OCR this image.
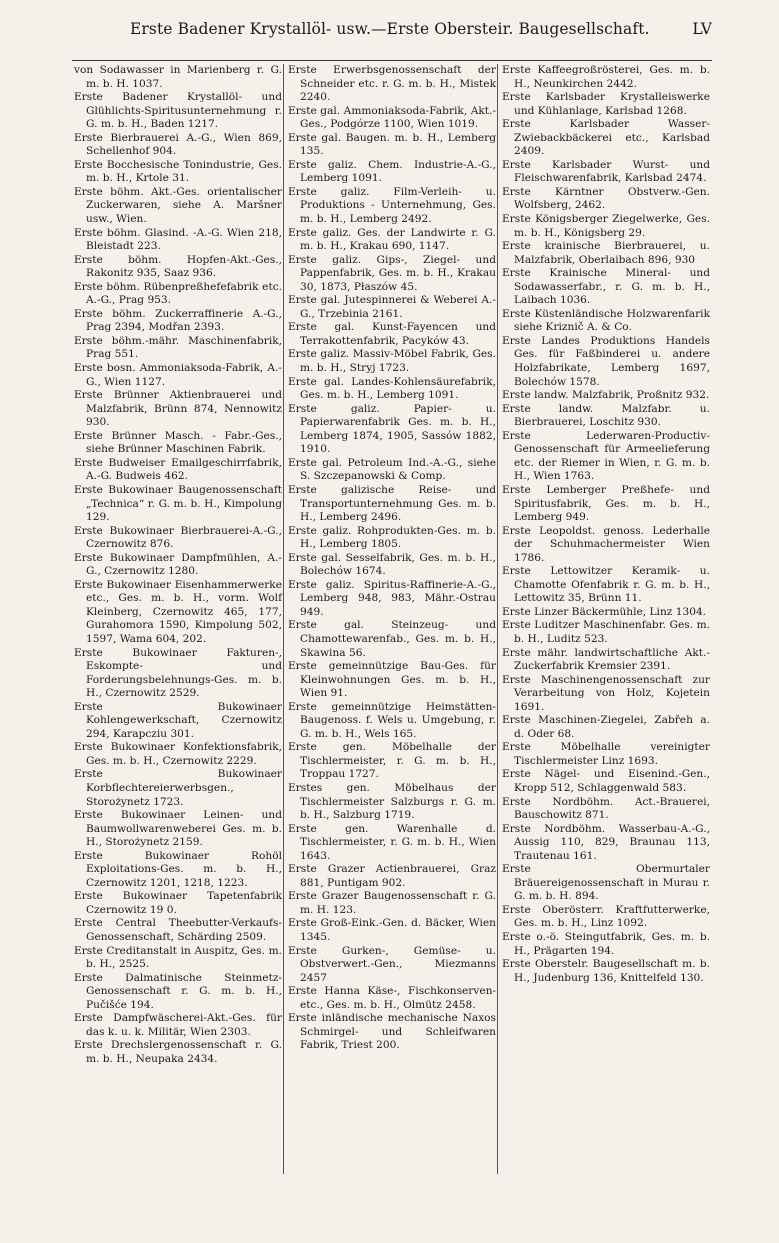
Erste Badener Krystallöl- usw.—Erste Obersteir. Baugesellschaft.	LV

von Sodawasser in Marienberg r. G. m. b. H. 1037.

Erste Badener Krystallöl- und Glühlichts-Spiritusunternehmung r. G. m. b. H., Baden 1217.

Erste Bierbrauerei A.-G., Wien 869, Schellenhof 904.

Erste Bocchesische Tonindustrie, Ges. m. b. H., Krtole 31.

Erste böhm. Akt.-Ges. orientalischer Zuckerwaren, siehe A. Maršner usw., Wien.

Erste böhm. Glasind. -A.-G. Wien 218, Bleistadt 223.

Erste böhm. Hopfen-Akt.-Ges., Rakonitz 935, Saaz 936.

Erste böhm. Rübenpreßhefefabrik etc. A.-G., Prag 953.

Erste böhm. Zuckerraffinerie A.-G., Prag 2394, Modřan 2393.

Erste böhm.-mähr. Maschinenfabrik, Prag 551.

Erste bosn. Ammoniaksoda-Fabrik, A.-G., Wien 1127.

Erste Brünner Aktienbrauerei und Malzfabrik, Brünn 874, Nennowitz 930.

Erste Brünner Masch. - Fabr.-Ges., siehe Brünner Maschinen Fabrik.

Erste Budweiser Emailgeschirrfabrik, A.-G. Budweis 462.

Erste Bukowinaer Baugenossenschaft „Technica“ r. G. m. b. H., Kimpolung 129.

Erste Bukowinaer Bierbrauerei-A.-G., Czernowitz 876.

Erste Bukowinaer Dampfmühlen, A.-G., Czernowitz 1280.

Erste Bukowinaer Eisenhammerwerke etc., Ges. m. b. H., vorm. Wolf Kleinberg, Czernowitz 465, 177, Gurahomora 1590, Kimpolung 502, 1597, Wama 604, 202.

Erste Bukowinaer Fakturen-, Eskompte- und Forderungsbelehnungs-Ges. m. b. H., Czernowitz 2529.

Erste Bukowinaer Kohlengewerkschaft, Czernowitz 294, Karapcziu 301.

Erste Bukowinaer Konfektionsfabrik, Ges. m. b. H., Czernowitz 2229.

Erste Bukowinaer Korbflechtereierwerbsgen., Storożynetz 1723.

Erste Bukowinaer Leinen- und Baumwollwarenweberei Ges. m. b. H., Storożynetz 2159.

Erste Bukowinaer Rohöl Exploitations-Ges. m. b. H., Czernowitz 1201, 1218, 1223.

Erste Bukowinaer Tapetenfabrik Czernowitz 19 0.

Erste Central Theebutter-Verkaufs-Genossenschaft, Schärding 2509.

Erste Creditanstalt in Auspitz, Ges. m. b. H., 2525.

Erste Dalmatinische Steinmetz-Genossenschaft r. G. m. b. H., Pučišće 194.

Erste Dampfwäscherei-Akt.-Ges. für das k. u. k. Militär, Wien 2303.

Erste Drechslergenossenschaft r. G. m. b. H., Neupaka 2434.

Erste Erwerbsgenossenschaft der Schneider etc. r. G. m. b. H., Mistek 2240.

Erste gal. Ammoniaksoda-Fabrik, Akt.-Ges., Podgórze 1100, Wien 1019.

Erste gal. Baugen. m. b. H., Lemberg 135.

Erste galiz. Chem. Industrie-A.-G., Lemberg 1091.

Erste galiz. Film-Verleih- u. Produktions - Unternehmung, Ges. m. b. H., Lemberg 2492.

Erste galiz. Ges. der Landwirte r. G. m. b. H., Krakau 690, 1147.

Erste galiz. Gips-, Ziegel- und Pappenfabrik, Ges. m. b. H., Krakau 30, 1873, Płaszów 45.

Erste gal. Jutespinnerei & Weberei A.-G., Trzebinia 2161.

Erste gal. Kunst-Fayencen und Terrakottenfabrik, Pacyków 43.

Erste galiz. Massiv-Möbel Fabrik, Ges. m. b. H., Stryj 1723.

Erste gal. Landes-Kohlensäurefabrik, Ges. m. b. H., Lemberg 1091.

Erste galiz. Papier- u. Papierwarenfabrik Ges. m. b. H., Lemberg 1874, 1905, Sassów 1882, 1910.

Erste gal. Petroleum Ind.-A.-G., siehe S. Szczepanowski & Comp.

Erste galizische Reise- und Transportunternehmung Ges. m. b. H., Lemberg 2496.

Erste galiz. Rohprodukten-Ges. m. b. H., Lemberg 1805.

Erste gal. Sesselfabrik, Ges. m. b. H., Bolechów 1674.

Erste galiz. Spiritus-Raffinerie-A.-G., Lemberg 948, 983, Mähr.-Ostrau 949.

Erste gal. Steinzeug- und Chamottewarenfab., Ges. m. b. H., Skawina 56.

Erste gemeinnützige Bau-Ges. für Kleinwohnungen Ges. m. b. H., Wien 91.

Erste gemeinnützige Heimstätten-Baugenoss. f. Wels u. Umgebung, r. G. m. b. H., Wels 165.

Erste gen. Möbelhalle der Tischlermeister, r. G. m. b. H., Troppau 1727.

Erstes gen. Möbelhaus der Tischlermeister Salzburgs r. G. m. b. H., Salzburg 1719.

Erste gen. Warenhalle d. Tischlermeister, r. G. m. b. H., Wien 1643.

Erste Grazer Actienbrauerei, Graz 881, Puntigam 902.

Erste Grazer Baugenossenschaft r. G. m. H. 123.

Erste Groß-Eink.-Gen. d. Bäcker, Wien 1345.

Erste Gurken-, Gemüse- u. Obstverwert.-Gen., Miezmanns 2457

Erste Hanna Käse-, Fischkonserven- etc., Ges. m. b. H., Olmütz 2458.

Erste inländische mechanische Naxos Schmirgel- und Schleifwaren Fabrik, Triest 200.

Erste Kaffeegroßrösterei, Ges. m. b. H., Neunkirchen 2442.

Erste Karlsbader Krystalleiswerke und Kühlanlage, Karlsbad 1268.

Erste Karlsbader Wasser-Zwiebackbäckerei etc., Karlsbad 2409.

Erste Karlsbader Wurst- und Fleischwarenfabrik, Karlsbad 2474.

Erste Kärntner Obstverw.-Gen. Wolfsberg, 2462.

Erste Königsberger Ziegelwerke, Ges. m. b. H., Königsberg 29.

Erste krainische Bierbrauerei, u. Malzfabrik, Oberlaibach 896, 930

Erste Krainische Mineral- und Sodawasserfabr., r. G. m. b. H., Laibach 1036.

Erste Küstenländische Holzwarenfarik siehe Kriznič A. & Co.

Erste Landes Produktions Handels Ges. für Faßbinderei u. andere Holzfabrikate, Lemberg 1697, Bolechów 1578.

Erste landw. Malzfabrik, Proßnitz 932.

Erste landw. Malzfabr. u. Bierbrauerei, Loschitz 930.

Erste Lederwaren-Productiv-Genossenschaft für Armeelieferung etc. der Riemer in Wien, r. G. m. b. H., Wien 1763.

Erste Lemberger Preßhefe- und Spiritusfabrik, Ges. m. b. H., Lemberg 949.

Erste Leopoldst. genoss. Lederhalle der Schuhmachermeister Wien 1786.

Erste Lettowitzer Keramik- u. Chamotte Ofenfabrik r. G. m. b. H., Lettowitz 35, Brünn 11.

Erste Linzer Bäckermühle, Linz 1304.

Erste Luditzer Maschinenfabr. Ges. m. b. H., Luditz 523.

Erste mähr. landwirtschaftliche Akt.-Zuckerfabrik Kremsier 2391.

Erste Maschinengenossenschaft zur Verarbeitung von Holz, Kojetein 1691.

Erste Maschinen-Ziegelei, Zabřeh a. d. Oder 68.

Erste Möbelhalle vereinigter Tischlermeister Linz 1693.

Erste Nägel- und Eisenind.-Gen., Kropp 512, Schlaggenwald 583.

Erste Nordböhm. Act.-Brauerei, Bauschowitz 871.

Erste Nordböhm. Wasserbau-A.-G., Aussig 110, 829, Braunau 113, Trautenau 161.

Erste Obermurtaler Bräuereigenossenschaft in Murau r. G. m. b. H. 894.

Erste Oberösterr. Kraftfutterwerke, Ges. m. b. H., Linz 1092.

Erste o.-ö. Steingutfabrik, Ges. m. b. H., Prägarten 194.

Erste Oberstelr. Baugesellschaft m. b. H., Judenburg 136, Knittelfeld 130.
